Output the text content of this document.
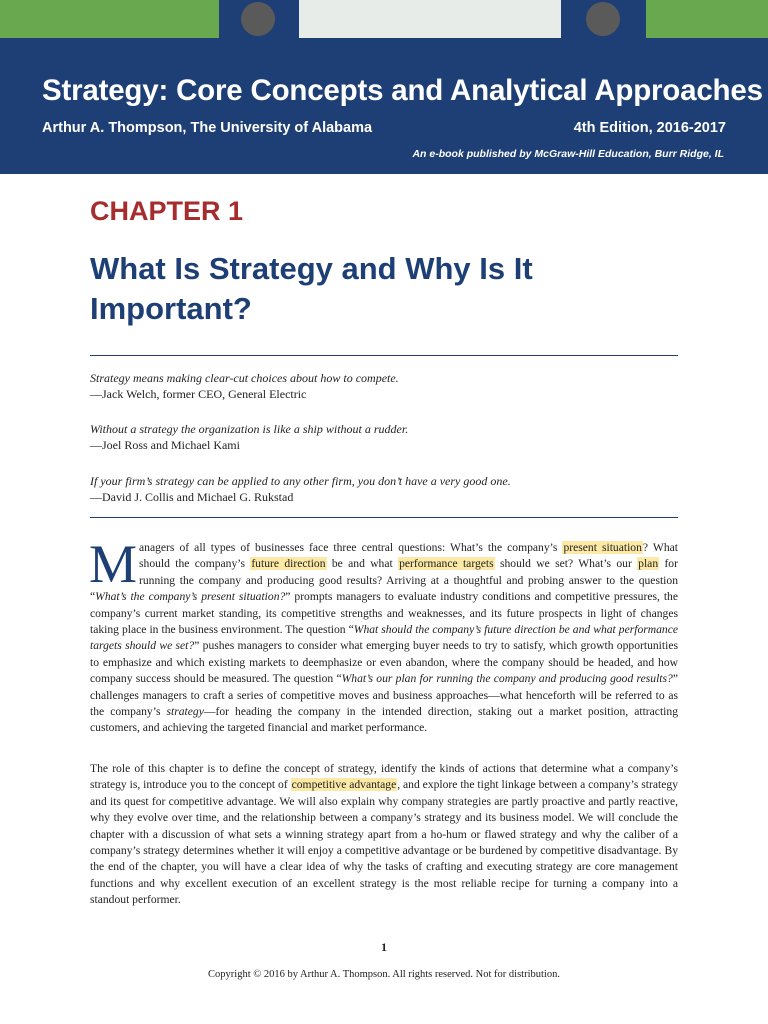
Strategy: Core Concepts and Analytical Approaches
Arthur A. Thompson, The University of Alabama	4th Edition, 2016-2017
An e-book published by McGraw-Hill Education, Burr Ridge, IL
CHAPTER 1
What Is Strategy and Why Is It Important?
Strategy means making clear-cut choices about how to compete.
—Jack Welch, former CEO, General Electric
Without a strategy the organization is like a ship without a rudder.
—Joel Ross and Michael Kami
If your firm’s strategy can be applied to any other firm, you don’t have a very good one.
—David J. Collis and Michael G. Rukstad
Managers of all types of businesses face three central questions: What’s the company’s present situation? What should the company’s future direction be and what performance targets should we set? What’s our plan for running the company and producing good results? Arriving at a thoughtful and probing answer to the question “What’s the company’s present situation?” prompts managers to evaluate industry conditions and competitive pressures, the company’s current market standing, its competitive strengths and weaknesses, and its future prospects in light of changes taking place in the business environment. The question “What should the company’s future direction be and what performance targets should we set?” pushes managers to consider what emerging buyer needs to try to satisfy, which growth opportunities to emphasize and which existing markets to deemphasize or even abandon, where the company should be headed, and how company success should be measured. The question “What’s our plan for running the company and producing good results?” challenges managers to craft a series of competitive moves and business approaches—what henceforth will be referred to as the company’s strategy—for heading the company in the intended direction, staking out a market position, attracting customers, and achieving the targeted financial and market performance.
The role of this chapter is to define the concept of strategy, identify the kinds of actions that determine what a company’s strategy is, introduce you to the concept of competitive advantage, and explore the tight linkage between a company’s strategy and its quest for competitive advantage. We will also explain why company strategies are partly proactive and partly reactive, why they evolve over time, and the relationship between a company’s strategy and its business model. We will conclude the chapter with a discussion of what sets a winning strategy apart from a ho-hum or flawed strategy and why the caliber of a company’s strategy determines whether it will enjoy a competitive advantage or be burdened by competitive disadvantage. By the end of the chapter, you will have a clear idea of why the tasks of crafting and executing strategy are core management functions and why excellent execution of an excellent strategy is the most reliable recipe for turning a company into a standout performer.
1
Copyright © 2016 by Arthur A. Thompson. All rights reserved. Not for distribution.
